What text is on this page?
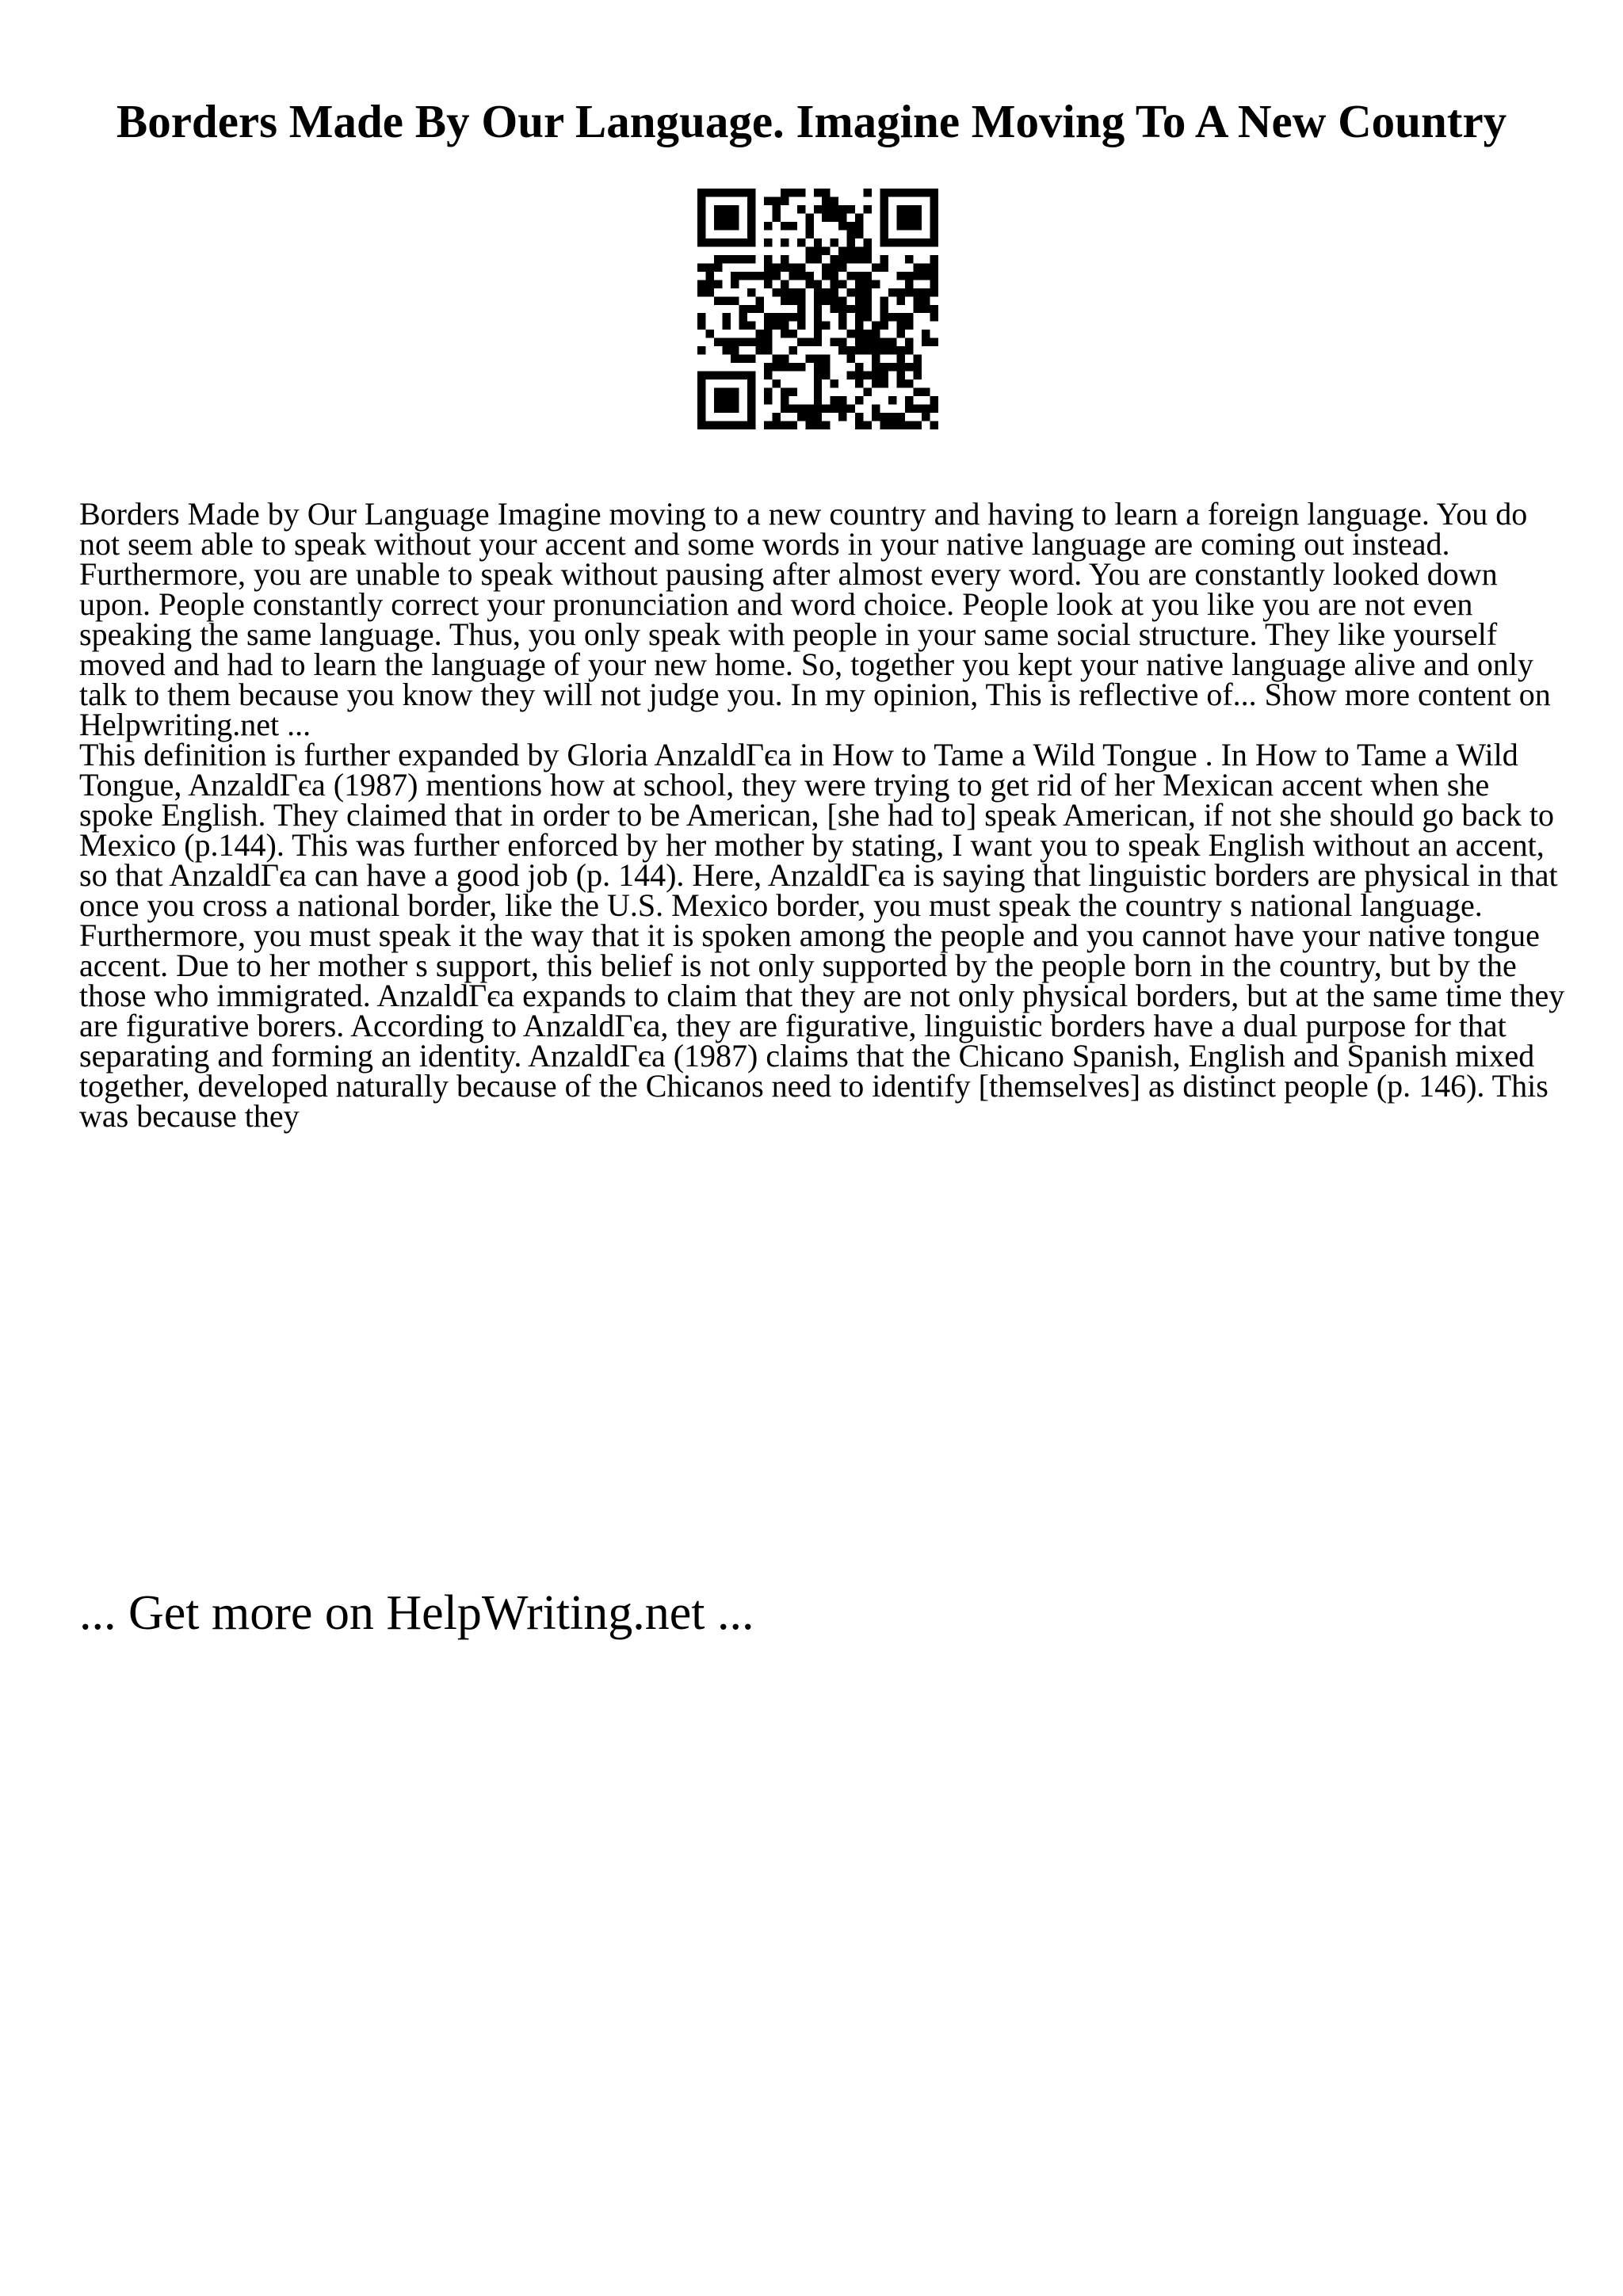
Borders Made By Our Language. Imagine Moving To A New Country

Borders Made by Our Language Imagine moving to a new country and having to learn a foreign language. You do not seem able to speak without your accent and some words in your native language are coming out instead. Furthermore, you are unable to speak without pausing after almost every word. You are constantly looked down upon. People constantly correct your pronunciation and word choice. People look at you like you are not even speaking the same language. Thus, you only speak with people in your same social structure. They like yourself moved and had to learn the language of your new home. So, together you kept your native language alive and only talk to them because you know they will not judge you. In my opinion, This is reflective of... Show more content on Helpwriting.net ...

This definition is further expanded by Gloria AnzaldΓєa in How to Tame a Wild Tongue . In How to Tame a Wild Tongue, AnzaldΓєa (1987) mentions how at school, they were trying to get rid of her Mexican accent when she spoke English. They claimed that in order to be American, [she had to] speak American, if not she should go back to Mexico (p.144). This was further enforced by her mother by stating, I want you to speak English without an accent, so that AnzaldΓєa can have a good job (p. 144). Here, AnzaldΓєa is saying that linguistic borders are physical in that once you cross a national border, like the U.S. Mexico border, you must speak the country s national language. Furthermore, you must speak it the way that it is spoken among the people and you cannot have your native tongue accent. Due to her mother s support, this belief is not only supported by the people born in the country, but by the those who immigrated. AnzaldΓєa expands to claim that they are not only physical borders, but at the same time they are figurative borers. According to AnzaldΓєa, they are figurative, linguistic borders have a dual purpose for that separating and forming an identity. AnzaldΓєa (1987) claims that the Chicano Spanish, English and Spanish mixed together, developed naturally because of the Chicanos need to identify [themselves] as distinct people (p. 146). This was because they

... Get more on HelpWriting.net ...
